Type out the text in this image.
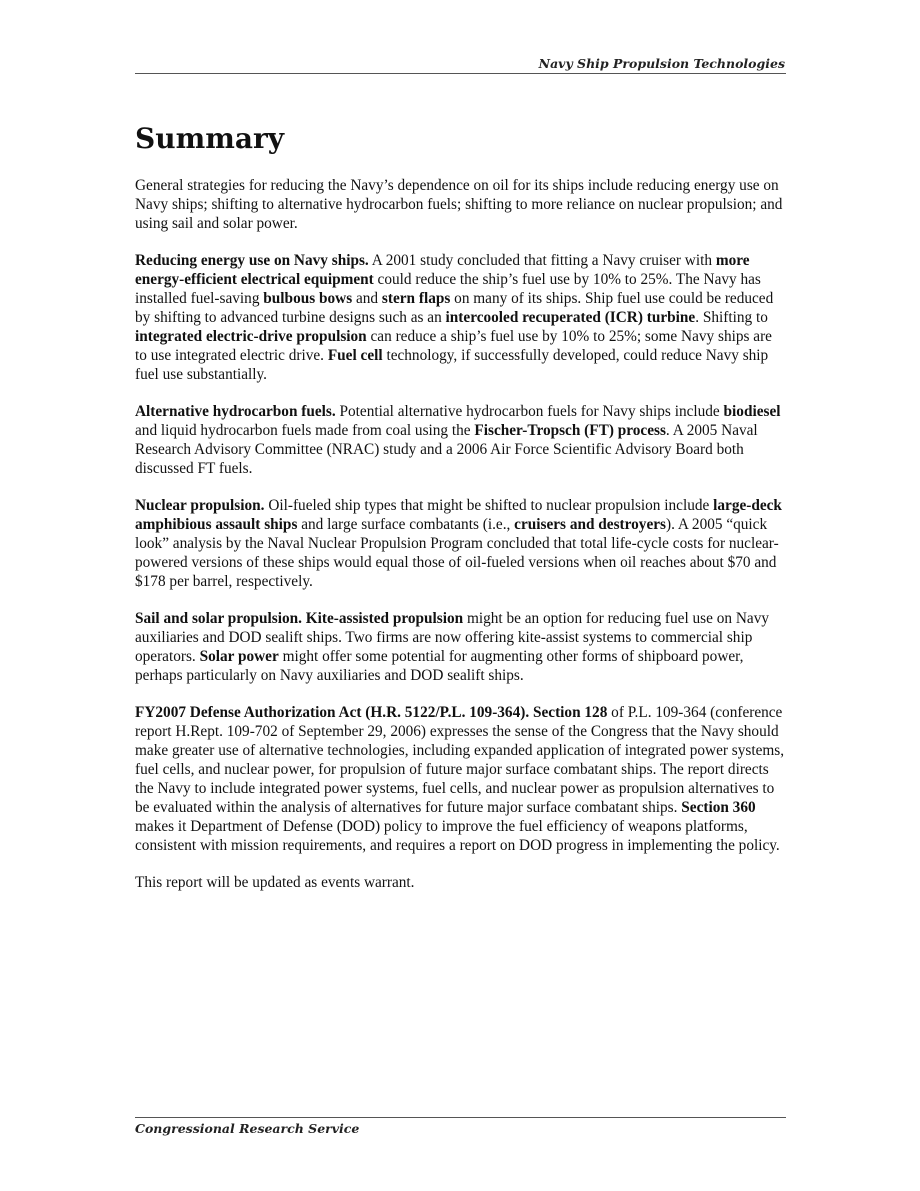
Navy Ship Propulsion Technologies
Summary

General strategies for reducing the Navy’s dependence on oil for its ships include reducing energy use on Navy ships; shifting to alternative hydrocarbon fuels; shifting to more reliance on nuclear propulsion; and using sail and solar power.

Reducing energy use on Navy ships. A 2001 study concluded that fitting a Navy cruiser with more energy-efficient electrical equipment could reduce the ship’s fuel use by 10% to 25%. The Navy has installed fuel-saving bulbous bows and stern flaps on many of its ships. Ship fuel use could be reduced by shifting to advanced turbine designs such as an intercooled recuperated (ICR) turbine. Shifting to integrated electric-drive propulsion can reduce a ship’s fuel use by 10% to 25%; some Navy ships are to use integrated electric drive. Fuel cell technology, if successfully developed, could reduce Navy ship fuel use substantially.

Alternative hydrocarbon fuels. Potential alternative hydrocarbon fuels for Navy ships include biodiesel and liquid hydrocarbon fuels made from coal using the Fischer-Tropsch (FT) process. A 2005 Naval Research Advisory Committee (NRAC) study and a 2006 Air Force Scientific Advisory Board both discussed FT fuels.

Nuclear propulsion. Oil-fueled ship types that might be shifted to nuclear propulsion include large-deck amphibious assault ships and large surface combatants (i.e., cruisers and destroyers). A 2005 “quick look” analysis by the Naval Nuclear Propulsion Program concluded that total life-cycle costs for nuclear-powered versions of these ships would equal those of oil-fueled versions when oil reaches about $70 and $178 per barrel, respectively.

Sail and solar propulsion. Kite-assisted propulsion might be an option for reducing fuel use on Navy auxiliaries and DOD sealift ships. Two firms are now offering kite-assist systems to commercial ship operators. Solar power might offer some potential for augmenting other forms of shipboard power, perhaps particularly on Navy auxiliaries and DOD sealift ships.

FY2007 Defense Authorization Act (H.R. 5122/P.L. 109-364). Section 128 of P.L. 109-364 (conference report H.Rept. 109-702 of September 29, 2006) expresses the sense of the Congress that the Navy should make greater use of alternative technologies, including expanded application of integrated power systems, fuel cells, and nuclear power, for propulsion of future major surface combatant ships. The report directs the Navy to include integrated power systems, fuel cells, and nuclear power as propulsion alternatives to be evaluated within the analysis of alternatives for future major surface combatant ships. Section 360 makes it Department of Defense (DOD) policy to improve the fuel efficiency of weapons platforms, consistent with mission requirements, and requires a report on DOD progress in implementing the policy.

This report will be updated as events warrant.

Congressional Research Service
